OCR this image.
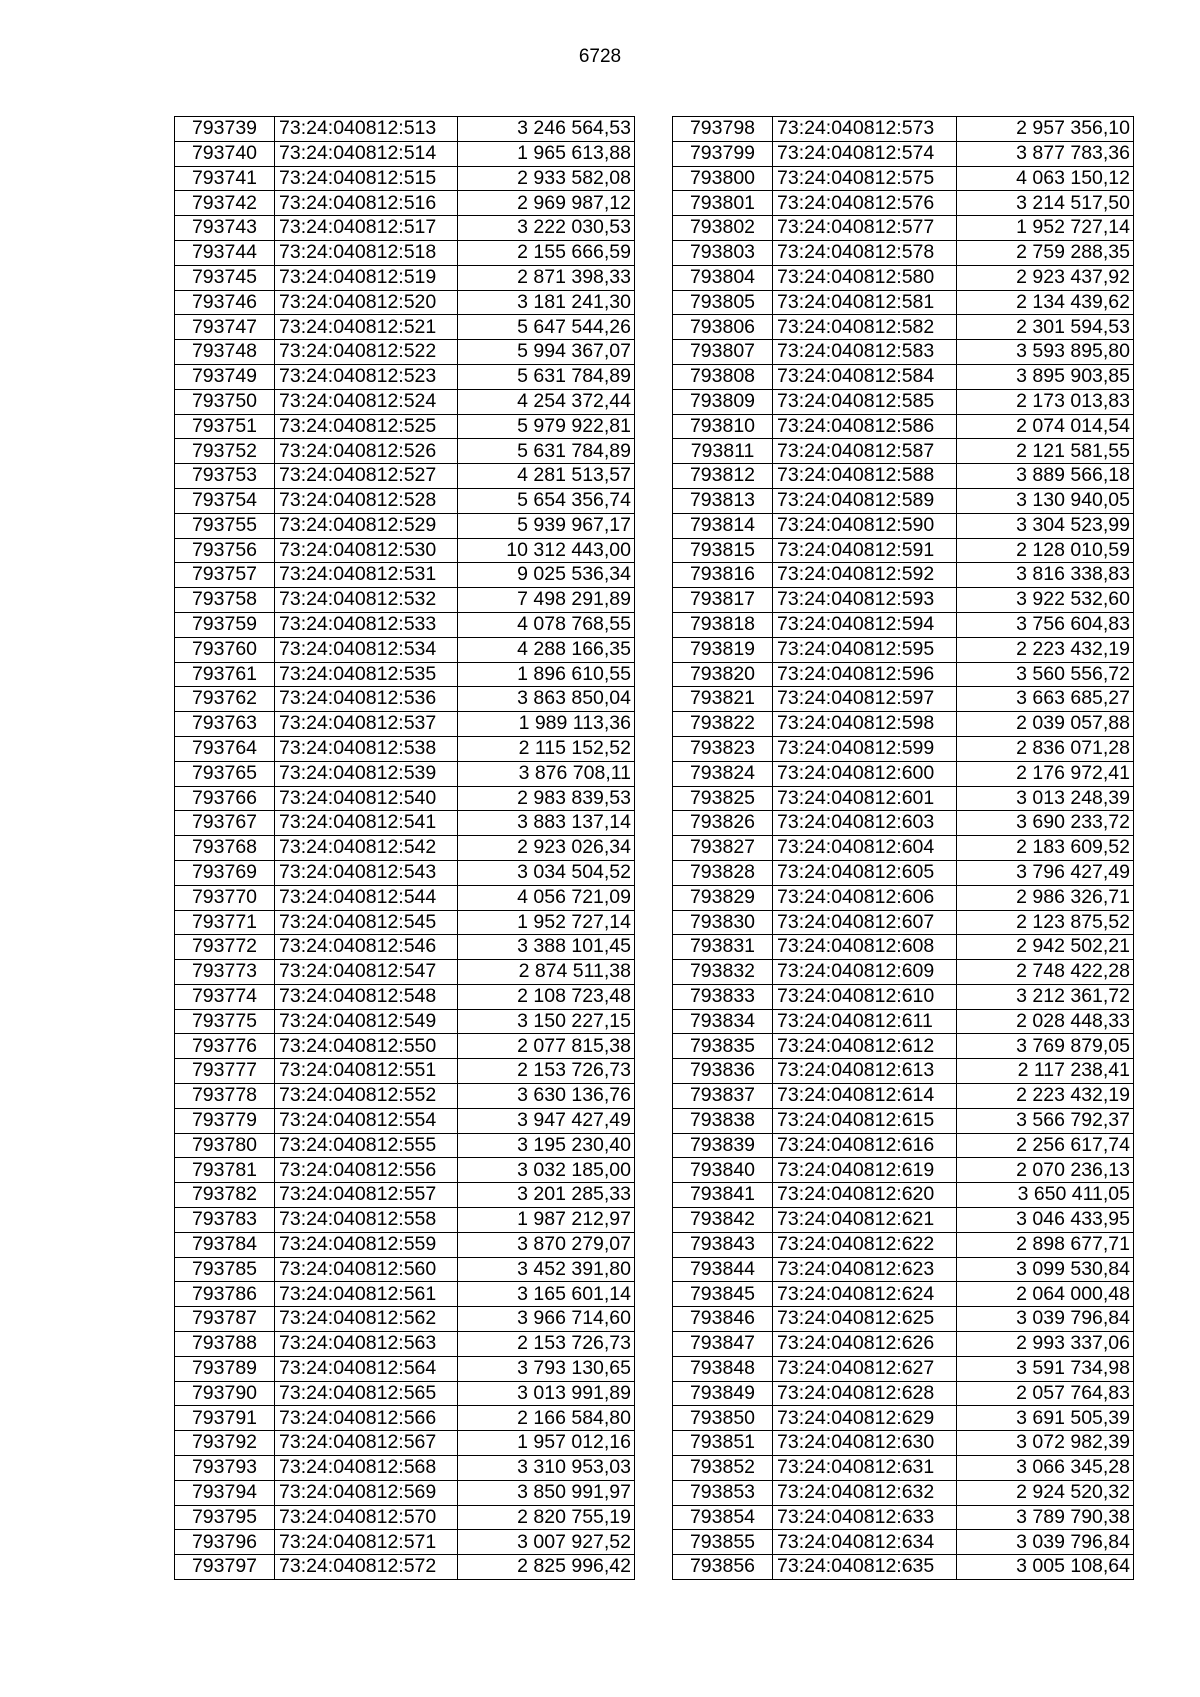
6728
793739	73:24:040812:513	3 246 564,53
793740	73:24:040812:514	1 965 613,88
793741	73:24:040812:515	2 933 582,08
793742	73:24:040812:516	2 969 987,12
793743	73:24:040812:517	3 222 030,53
793744	73:24:040812:518	2 155 666,59
793745	73:24:040812:519	2 871 398,33
793746	73:24:040812:520	3 181 241,30
793747	73:24:040812:521	5 647 544,26
793748	73:24:040812:522	5 994 367,07
793749	73:24:040812:523	5 631 784,89
793750	73:24:040812:524	4 254 372,44
793751	73:24:040812:525	5 979 922,81
793752	73:24:040812:526	5 631 784,89
793753	73:24:040812:527	4 281 513,57
793754	73:24:040812:528	5 654 356,74
793755	73:24:040812:529	5 939 967,17
793756	73:24:040812:530	10 312 443,00
793757	73:24:040812:531	9 025 536,34
793758	73:24:040812:532	7 498 291,89
793759	73:24:040812:533	4 078 768,55
793760	73:24:040812:534	4 288 166,35
793761	73:24:040812:535	1 896 610,55
793762	73:24:040812:536	3 863 850,04
793763	73:24:040812:537	1 989 113,36
793764	73:24:040812:538	2 115 152,52
793765	73:24:040812:539	3 876 708,11
793766	73:24:040812:540	2 983 839,53
793767	73:24:040812:541	3 883 137,14
793768	73:24:040812:542	2 923 026,34
793769	73:24:040812:543	3 034 504,52
793770	73:24:040812:544	4 056 721,09
793771	73:24:040812:545	1 952 727,14
793772	73:24:040812:546	3 388 101,45
793773	73:24:040812:547	2 874 511,38
793774	73:24:040812:548	2 108 723,48
793775	73:24:040812:549	3 150 227,15
793776	73:24:040812:550	2 077 815,38
793777	73:24:040812:551	2 153 726,73
793778	73:24:040812:552	3 630 136,76
793779	73:24:040812:554	3 947 427,49
793780	73:24:040812:555	3 195 230,40
793781	73:24:040812:556	3 032 185,00
793782	73:24:040812:557	3 201 285,33
793783	73:24:040812:558	1 987 212,97
793784	73:24:040812:559	3 870 279,07
793785	73:24:040812:560	3 452 391,80
793786	73:24:040812:561	3 165 601,14
793787	73:24:040812:562	3 966 714,60
793788	73:24:040812:563	2 153 726,73
793789	73:24:040812:564	3 793 130,65
793790	73:24:040812:565	3 013 991,89
793791	73:24:040812:566	2 166 584,80
793792	73:24:040812:567	1 957 012,16
793793	73:24:040812:568	3 310 953,03
793794	73:24:040812:569	3 850 991,97
793795	73:24:040812:570	2 820 755,19
793796	73:24:040812:571	3 007 927,52
793797	73:24:040812:572	2 825 996,42
793798	73:24:040812:573	2 957 356,10
793799	73:24:040812:574	3 877 783,36
793800	73:24:040812:575	4 063 150,12
793801	73:24:040812:576	3 214 517,50
793802	73:24:040812:577	1 952 727,14
793803	73:24:040812:578	2 759 288,35
793804	73:24:040812:580	2 923 437,92
793805	73:24:040812:581	2 134 439,62
793806	73:24:040812:582	2 301 594,53
793807	73:24:040812:583	3 593 895,80
793808	73:24:040812:584	3 895 903,85
793809	73:24:040812:585	2 173 013,83
793810	73:24:040812:586	2 074 014,54
793811	73:24:040812:587	2 121 581,55
793812	73:24:040812:588	3 889 566,18
793813	73:24:040812:589	3 130 940,05
793814	73:24:040812:590	3 304 523,99
793815	73:24:040812:591	2 128 010,59
793816	73:24:040812:592	3 816 338,83
793817	73:24:040812:593	3 922 532,60
793818	73:24:040812:594	3 756 604,83
793819	73:24:040812:595	2 223 432,19
793820	73:24:040812:596	3 560 556,72
793821	73:24:040812:597	3 663 685,27
793822	73:24:040812:598	2 039 057,88
793823	73:24:040812:599	2 836 071,28
793824	73:24:040812:600	2 176 972,41
793825	73:24:040812:601	3 013 248,39
793826	73:24:040812:603	3 690 233,72
793827	73:24:040812:604	2 183 609,52
793828	73:24:040812:605	3 796 427,49
793829	73:24:040812:606	2 986 326,71
793830	73:24:040812:607	2 123 875,52
793831	73:24:040812:608	2 942 502,21
793832	73:24:040812:609	2 748 422,28
793833	73:24:040812:610	3 212 361,72
793834	73:24:040812:611	2 028 448,33
793835	73:24:040812:612	3 769 879,05
793836	73:24:040812:613	2 117 238,41
793837	73:24:040812:614	2 223 432,19
793838	73:24:040812:615	3 566 792,37
793839	73:24:040812:616	2 256 617,74
793840	73:24:040812:619	2 070 236,13
793841	73:24:040812:620	3 650 411,05
793842	73:24:040812:621	3 046 433,95
793843	73:24:040812:622	2 898 677,71
793844	73:24:040812:623	3 099 530,84
793845	73:24:040812:624	2 064 000,48
793846	73:24:040812:625	3 039 796,84
793847	73:24:040812:626	2 993 337,06
793848	73:24:040812:627	3 591 734,98
793849	73:24:040812:628	2 057 764,83
793850	73:24:040812:629	3 691 505,39
793851	73:24:040812:630	3 072 982,39
793852	73:24:040812:631	3 066 345,28
793853	73:24:040812:632	2 924 520,32
793854	73:24:040812:633	3 789 790,38
793855	73:24:040812:634	3 039 796,84
793856	73:24:040812:635	3 005 108,64
